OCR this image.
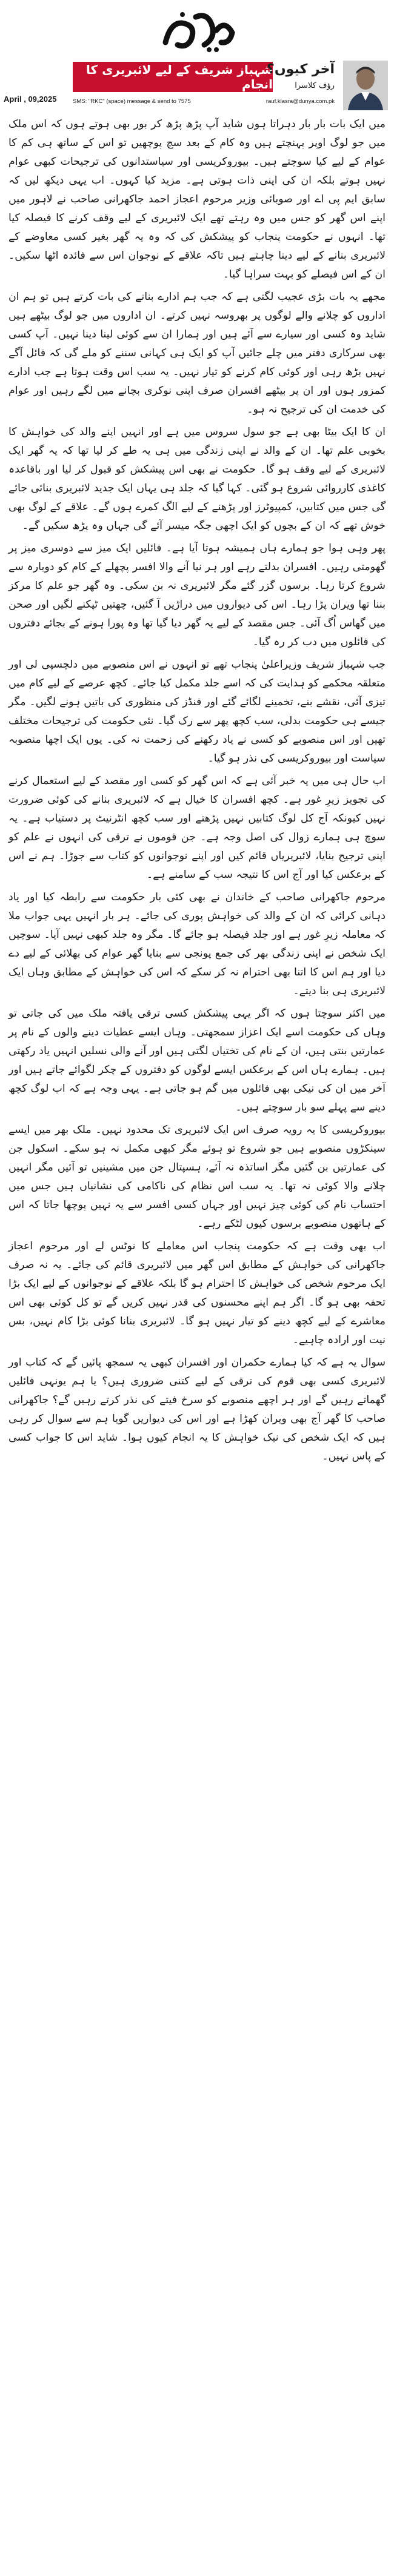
شہباز شریف کے لیے لائبریری کا انجام
آخر کیوں؟
رؤف کلاسرا
April , 09,2025	SMS: "RKC" (space) message & send to 7575	rauf.klasra@dunya.com.pk

میں ایک بات بار بار دہراتا ہوں شاید آپ پڑھ پڑھ کر بور بھی ہوتے ہوں کہ اس ملک میں جو لوگ اوپر پہنچتے ہیں وہ کام کے بعد سچ پوچھیں تو اس کے ساتھ ہی کم کا عوام کے لیے کیا سوچتے ہیں۔ بیوروکریسی اور سیاستدانوں کی ترجیحات کبھی عوام نہیں ہوتے بلکہ ان کی اپنی ذات ہوتی ہے۔ مزید کیا کہوں۔ اب یہی دیکھ لیں کہ سابق ایم پی اے اور صوبائی وزیر مرحوم اعجاز احمد جاکھرانی صاحب نے لاہور میں اپنے اس گھر کو جس میں وہ رہتے تھے ایک لائبریری کے لیے وقف کرنے کا فیصلہ کیا تھا۔ انہوں نے حکومت پنجاب کو پیشکش کی کہ وہ یہ گھر بغیر کسی معاوضے کے لائبریری بنانے کے لیے دینا چاہتے ہیں تاکہ علاقے کے نوجوان اس سے فائدہ اٹھا سکیں۔ ان کے اس فیصلے کو بہت سراہا گیا۔

مجھے یہ بات بڑی عجیب لگتی ہے کہ جب ہم ادارے بنانے کی بات کرتے ہیں تو ہم ان اداروں کو چلانے والے لوگوں پر بھروسہ نہیں کرتے۔ ان اداروں میں جو لوگ بیٹھے ہیں شاید وہ کسی اور سیارے سے آئے ہیں اور ہمارا ان سے کوئی لینا دینا نہیں۔ آپ کسی بھی سرکاری دفتر میں چلے جائیں آپ کو ایک ہی کہانی سننے کو ملے گی کہ فائل آگے نہیں بڑھ رہی اور کوئی کام کرنے کو تیار نہیں۔ یہ سب اس وقت ہوتا ہے جب ادارے کمزور ہوں اور ان پر بیٹھے افسران صرف اپنی نوکری بچانے میں لگے رہیں اور عوام کی خدمت ان کی ترجیح نہ ہو۔

ان کا ایک بیٹا بھی ہے جو سول سروس میں ہے اور انہیں اپنے والد کی خواہش کا بخوبی علم تھا۔ ان کے والد نے اپنی زندگی میں ہی یہ طے کر لیا تھا کہ یہ گھر ایک لائبریری کے لیے وقف ہو گا۔ حکومت نے بھی اس پیشکش کو قبول کر لیا اور باقاعدہ کاغذی کارروائی شروع ہو گئی۔ کہا گیا کہ جلد ہی یہاں ایک جدید لائبریری بنائی جائے گی جس میں کتابیں، کمپیوٹرز اور پڑھنے کے لیے الگ کمرے ہوں گے۔ علاقے کے لوگ بھی خوش تھے کہ ان کے بچوں کو ایک اچھی جگہ میسر آئے گی جہاں وہ پڑھ سکیں گے۔

پھر وہی ہوا جو ہمارے ہاں ہمیشہ ہوتا آیا ہے۔ فائلیں ایک میز سے دوسری میز پر گھومتی رہیں۔ افسران بدلتے رہے اور ہر نیا آنے والا افسر پچھلے کے کام کو دوبارہ سے شروع کرتا رہا۔ برسوں گزر گئے مگر لائبریری نہ بن سکی۔ وہ گھر جو علم کا مرکز بننا تھا ویران پڑا رہا۔ اس کی دیواروں میں دراڑیں آ گئیں، چھتیں ٹپکنے لگیں اور صحن میں گھاس اُگ آئی۔ جس مقصد کے لیے یہ گھر دیا گیا تھا وہ پورا ہونے کے بجائے دفتروں کی فائلوں میں دب کر رہ گیا۔

جب شہباز شریف وزیراعلیٰ پنجاب تھے تو انہوں نے اس منصوبے میں دلچسپی لی اور متعلقہ محکمے کو ہدایت کی کہ اسے جلد مکمل کیا جائے۔ کچھ عرصے کے لیے کام میں تیزی آئی، نقشے بنے، تخمینے لگائے گئے اور فنڈز کی منظوری کی باتیں ہونے لگیں۔ مگر جیسے ہی حکومت بدلی، سب کچھ پھر سے رک گیا۔ نئی حکومت کی ترجیحات مختلف تھیں اور اس منصوبے کو کسی نے یاد رکھنے کی زحمت نہ کی۔ یوں ایک اچھا منصوبہ سیاست اور بیوروکریسی کی نذر ہو گیا۔

اب حال ہی میں یہ خبر آئی ہے کہ اس گھر کو کسی اور مقصد کے لیے استعمال کرنے کی تجویز زیرِ غور ہے۔ کچھ افسران کا خیال ہے کہ لائبریری بنانے کی کوئی ضرورت نہیں کیونکہ آج کل لوگ کتابیں نہیں پڑھتے اور سب کچھ انٹرنیٹ پر دستیاب ہے۔ یہ سوچ ہی ہمارے زوال کی اصل وجہ ہے۔ جن قوموں نے ترقی کی انہوں نے علم کو اپنی ترجیح بنایا، لائبریریاں قائم کیں اور اپنے نوجوانوں کو کتاب سے جوڑا۔ ہم نے اس کے برعکس کیا اور آج اس کا نتیجہ سب کے سامنے ہے۔

مرحوم جاکھرانی صاحب کے خاندان نے بھی کئی بار حکومت سے رابطہ کیا اور یاد دہانی کرائی کہ ان کے والد کی خواہش پوری کی جائے۔ ہر بار انہیں یہی جواب ملا کہ معاملہ زیرِ غور ہے اور جلد فیصلہ ہو جائے گا۔ مگر وہ جلد کبھی نہیں آیا۔ سوچیں ایک شخص نے اپنی زندگی بھر کی جمع پونجی سے بنایا گھر عوام کی بھلائی کے لیے دے دیا اور ہم اس کا اتنا بھی احترام نہ کر سکے کہ اس کی خواہش کے مطابق وہاں ایک لائبریری ہی بنا دیتے۔

میں اکثر سوچتا ہوں کہ اگر یہی پیشکش کسی ترقی یافتہ ملک میں کی جاتی تو وہاں کی حکومت اسے ایک اعزاز سمجھتی۔ وہاں ایسے عطیات دینے والوں کے نام پر عمارتیں بنتی ہیں، ان کے نام کی تختیاں لگتی ہیں اور آنے والی نسلیں انہیں یاد رکھتی ہیں۔ ہمارے ہاں اس کے برعکس ایسے لوگوں کو دفتروں کے چکر لگوائے جاتے ہیں اور آخر میں ان کی نیکی بھی فائلوں میں گم ہو جاتی ہے۔ یہی وجہ ہے کہ اب لوگ کچھ دینے سے پہلے سو بار سوچتے ہیں۔

بیوروکریسی کا یہ رویہ صرف اس ایک لائبریری تک محدود نہیں۔ ملک بھر میں ایسے سینکڑوں منصوبے ہیں جو شروع تو ہوئے مگر کبھی مکمل نہ ہو سکے۔ اسکول جن کی عمارتیں بن گئیں مگر اساتذہ نہ آئے، ہسپتال جن میں مشینیں تو آئیں مگر انہیں چلانے والا کوئی نہ تھا۔ یہ سب اس نظام کی ناکامی کی نشانیاں ہیں جس میں احتساب نام کی کوئی چیز نہیں اور جہاں کسی افسر سے یہ نہیں پوچھا جاتا کہ اس کے ہاتھوں منصوبے برسوں کیوں لٹکے رہے۔

اب بھی وقت ہے کہ حکومت پنجاب اس معاملے کا نوٹس لے اور مرحوم اعجاز جاکھرانی کی خواہش کے مطابق اس گھر میں لائبریری قائم کی جائے۔ یہ نہ صرف ایک مرحوم شخص کی خواہش کا احترام ہو گا بلکہ علاقے کے نوجوانوں کے لیے ایک بڑا تحفہ بھی ہو گا۔ اگر ہم اپنے محسنوں کی قدر نہیں کریں گے تو کل کوئی بھی اس معاشرے کے لیے کچھ دینے کو تیار نہیں ہو گا۔ لائبریری بنانا کوئی بڑا کام نہیں، بس نیت اور ارادہ چاہیے۔

سوال یہ ہے کہ کیا ہمارے حکمران اور افسران کبھی یہ سمجھ پائیں گے کہ کتاب اور لائبریری کسی بھی قوم کی ترقی کے لیے کتنی ضروری ہیں؟ یا ہم یونہی فائلیں گھماتے رہیں گے اور ہر اچھے منصوبے کو سرخ فیتے کی نذر کرتے رہیں گے؟ جاکھرانی صاحب کا گھر آج بھی ویران کھڑا ہے اور اس کی دیواریں گویا ہم سے سوال کر رہی ہیں کہ ایک شخص کی نیک خواہش کا یہ انجام کیوں ہوا۔ شاید اس کا جواب کسی کے پاس نہیں۔
